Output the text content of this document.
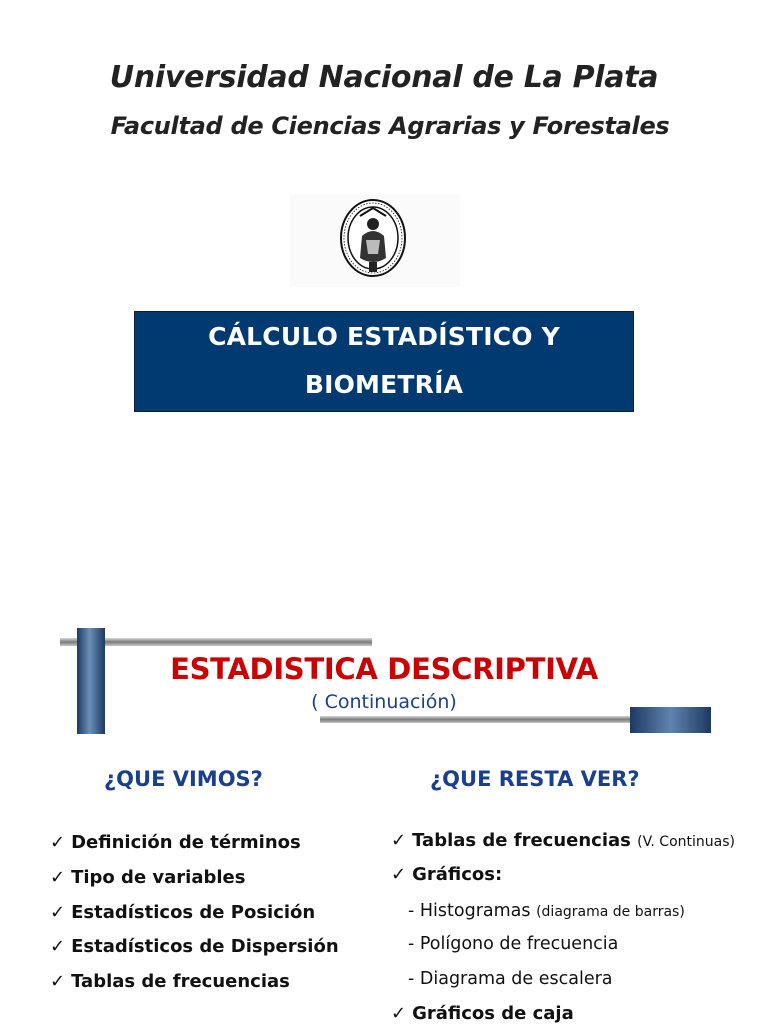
Universidad Nacional de La Plata
Facultad de Ciencias Agrarias y Forestales
CÁLCULO ESTADÍSTICO Y
BIOMETRÍA
ESTADISTICA DESCRIPTIVA
( Continuación)
¿QUE VIMOS?
✓ Definición de términos
✓ Tipo de variables
✓ Estadísticos de Posición
✓ Estadísticos de Dispersión
✓ Tablas de frecuencias
¿QUE RESTA VER?
✓ Tablas de frecuencias (V. Continuas)
✓ Gráficos:
- Histogramas (diagrama de barras)
- Polígono de frecuencia
- Diagrama de escalera
✓ Gráficos de caja
